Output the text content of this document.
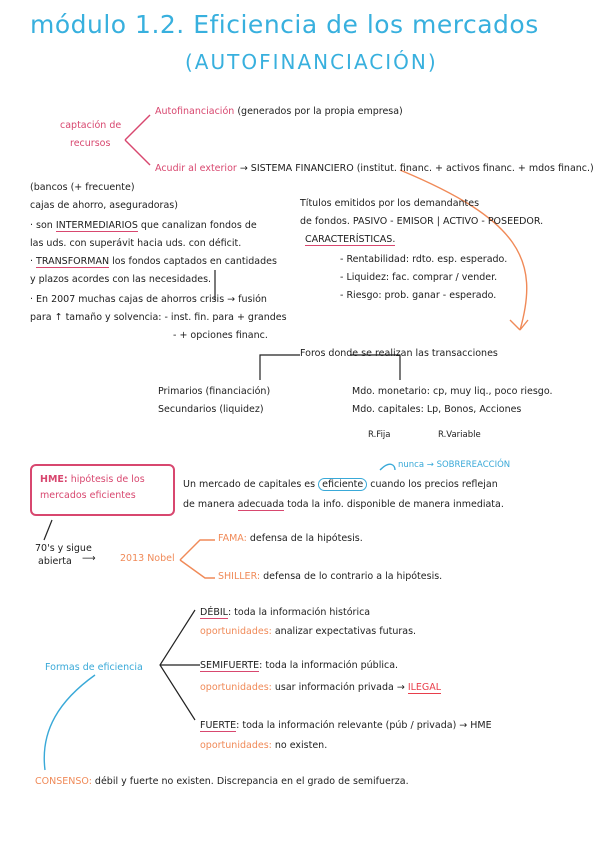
módulo 1.2. Eficiencia de los mercados
(AUTOFINANCIACIÓN)
captación de
recursos
Autofinanciación (generados por la propia empresa)
Acudir al exterior → SISTEMA FINANCIERO (institut. financ. + activos financ. + mdos financ.)
(bancos (+ frecuente)
cajas de ahorro, aseguradoras)
· son INTERMEDIARIOS que canalizan fondos de
las uds. con superávit hacia uds. con déficit.
· TRANSFORMAN los fondos captados en cantidades
y plazos acordes con las necesidades.
· En 2007 muchas cajas de ahorros crisis → fusión
para ↑ tamaño y solvencia: - inst. fin. para + grandes
- + opciones financ.
Títulos emitidos por los demandantes
de fondos. PASIVO - EMISOR | ACTIVO - POSEEDOR.
CARACTERÍSTICAS.
- Rentabilidad: rdto. esp. esperado.
- Liquidez: fac. comprar / vender.
- Riesgo: prob. ganar - esperado.
Foros donde se realizan las transacciones
Primarios (financiación)
Secundarios (liquidez)
Mdo. monetario: cp, muy liq., poco riesgo.
Mdo. capitales: Lp, Bonos, Acciones
R.Fija	R.Variable
HME: hipótesis de los mercados eficientes
nunca → SOBREREACCIÓN
Un mercado de capitales es eficiente cuando los precios reflejan
de manera adecuada toda la info. disponible de manera inmediata.
70's y sigue
abierta ⟶	2013 Nobel
FAMA: defensa de la hipótesis.
SHILLER: defensa de lo contrario a la hipótesis.
Formas de eficiencia
DÉBIL: toda la información histórica
oportunidades: analizar expectativas futuras.
SEMIFUERTE: toda la información pública.
oportunidades: usar información privada → ILEGAL
FUERTE: toda la información relevante (púb / privada) → HME
oportunidades: no existen.
CONSENSO: débil y fuerte no existen. Discrepancia en el grado de semifuerza.
